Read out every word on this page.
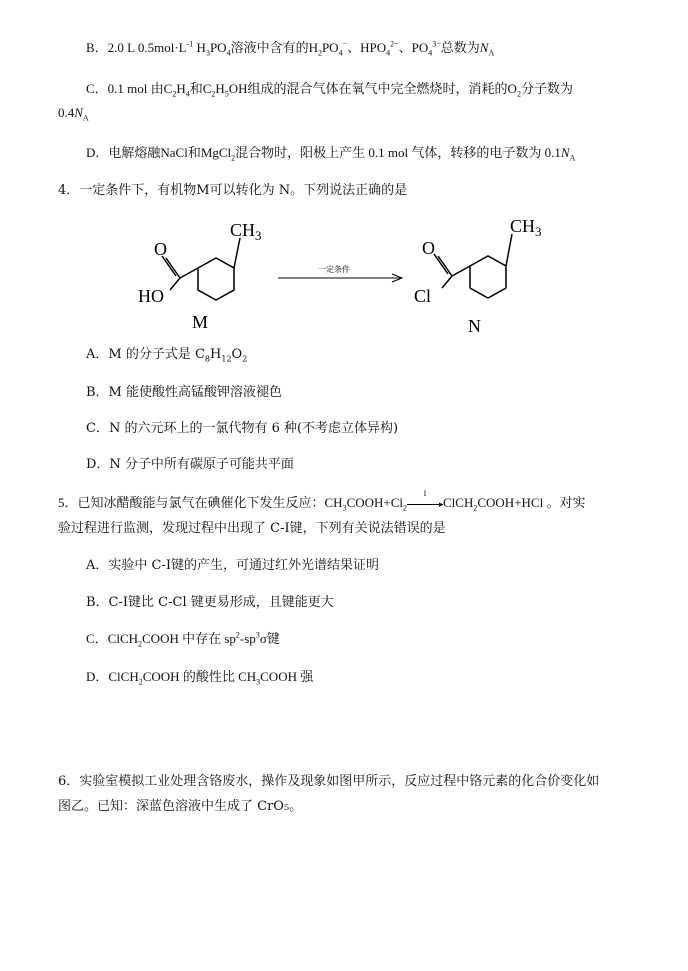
B．2.0 L $0.5mol\cdot L^{-1}$ $H_3PO_4$溶液中含有的$H_2PO_4^-$、$HPO_4^{2-}$、$PO_4^{3-}$总数为$N_A$
C．0.1 mol 由$C_2H_4$和$C_2H_5OH$组成的混合气体在氧气中完全燃烧时，消耗的$O_2$分子数为
$0.4N_A$
D．电解熔融NaCl和MgCl$_2$混合物时，阳极上产生 0.1 mol 气体，转移的电子数为 $0.1N_A$
4．一定条件下，有机物M可以转化为 N。下列说法正确的是
O
HO
$CH_3$
M
一定条件
O
Cl
$CH_3$
N
A．M 的分子式是 $C_8H_{12}O_2$
B．M 能使酸性高锰酸钾溶液褪色
C．N 的六元环上的一氯代物有 6 种(不考虑立体异构)
D．N 分子中所有碳原子可能共平面
5．已知冰醋酸能与氯气在碘催化下发生反应：$CH_3COOH+Cl_2$
I
▸ClCH$_2$COOH+HCl 。对实
验过程进行监测，发现过程中出现了 C-I键，下列有关说法错误的是
A．实验中 C-I键的产生，可通过红外光谱结果证明
B．C-I键比 C-Cl 键更易形成，且键能更大
C．ClCH$_2$COOH 中存在 $sp^2-sp^3\sigma$键
D．ClCH$_2$COOH 的酸性比 $CH_3COOH$ 强
6．实验室模拟工业处理含铬废水，操作及现象如图甲所示，反应过程中铬元素的化合价变化如
图乙。已知：深蓝色溶液中生成了 CrO₅。
